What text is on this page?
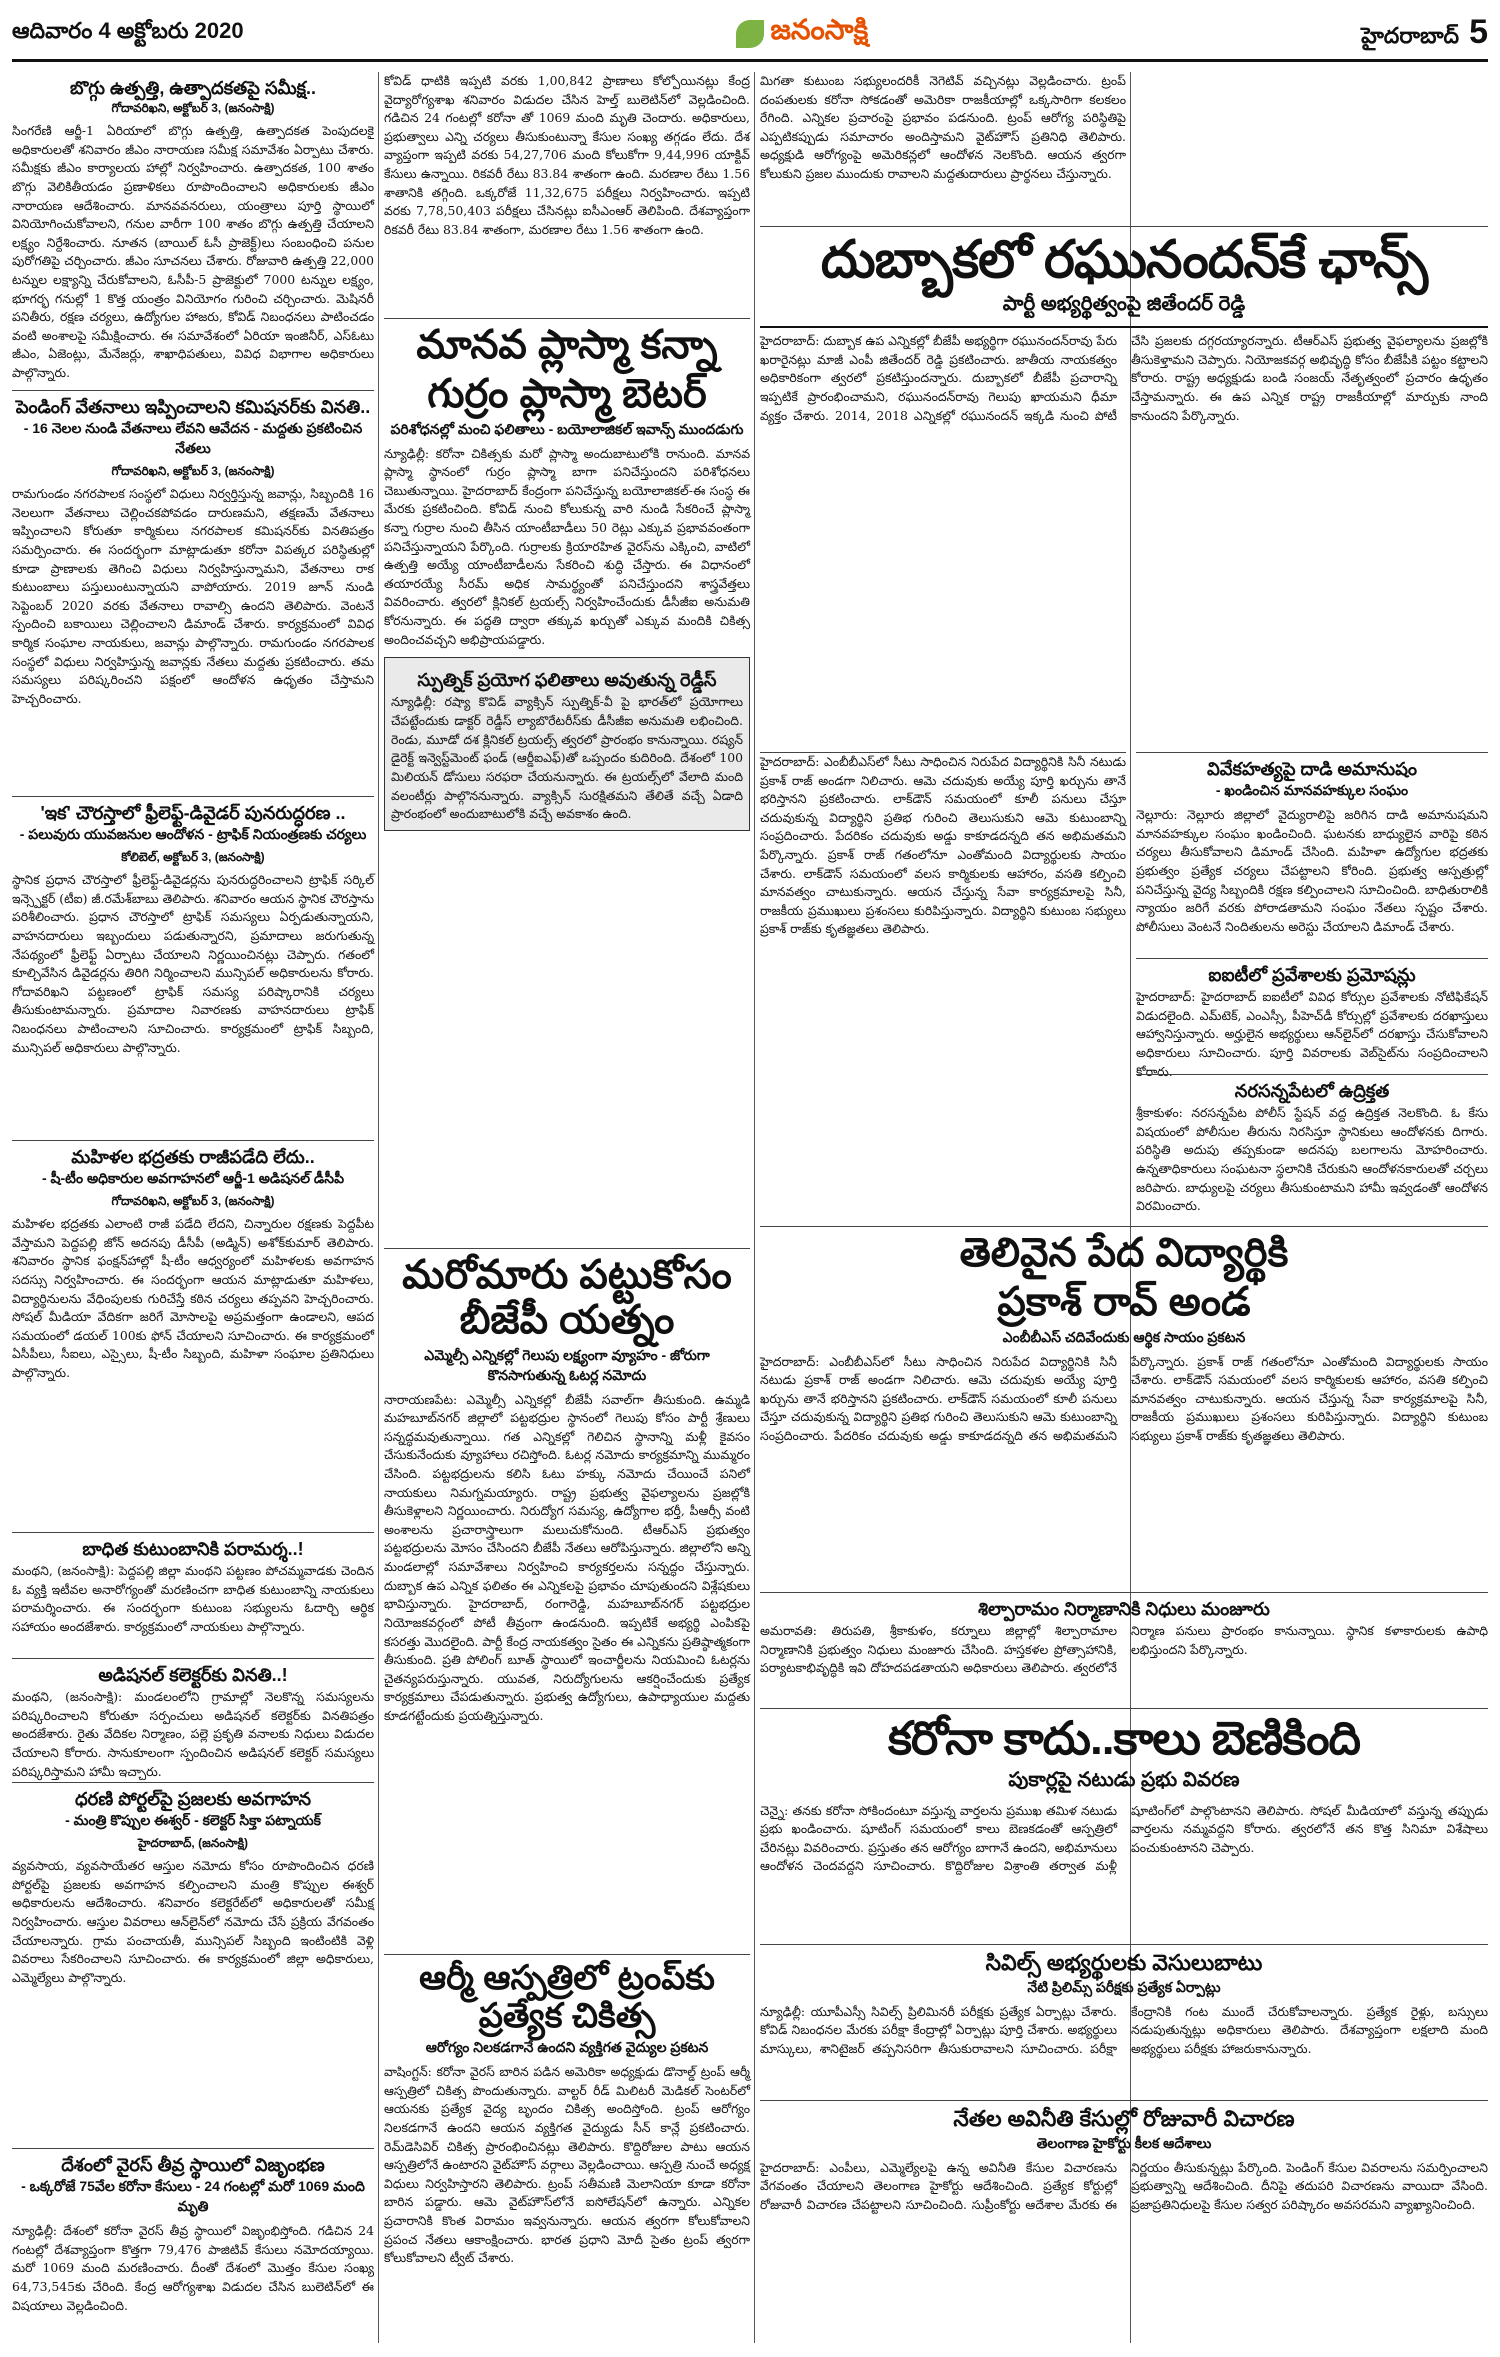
ఆదివారం 4 అక్టోబరు 2020	జనంసాక్షి	హైదరాబాద్ 5
బొగ్గు ఉత్పత్తి, ఉత్పాదకతపై సమీక్ష..
గోదావరిఖని, అక్టోబర్ 3, (జనంసాక్షి)
సింగరేణి ఆర్జీ-1 ఏరియాలో బొగ్గు ఉత్పత్తి, ఉత్పాదకత పెంపుదలకై అధికారులతో శనివారం జీఎం నారాయణ సమీక్ష సమావేశం ఏర్పాటు చేశారు. సమీక్షకు జీఎం కార్యాలయ హాల్లో నిర్వహించారు. ఉత్పాదకత, 100 శాతం బొగ్గు వెలికితీయడం ప్రణాళికలు రూపొందించాలని అధికారులకు జీఎం నారాయణ ఆదేశించారు. మానవవనరులు, యంత్రాలు పూర్తి స్థాయిలో వినియోగించుకోవాలని, గనుల వారీగా 100 శాతం బొగ్గు ఉత్పత్తి చేయాలని లక్ష్యం నిర్దేశించారు. నూతన (బాయిల్ ఓసీ ప్రాజెక్ట్)లు సంబంధించి పనుల పురోగతిపై చర్చించారు. జీఎం సూచనలు చేశారు. రోజువారి ఉత్పత్తి 22,000 టన్నుల లక్ష్యాన్ని చేరుకోవాలని, ఓసీపీ-5 ప్రాజెక్టులో 7000 టన్నుల లక్ష్యం, భూగర్భ గనుల్లో 1 కొత్త యంత్రం వినియోగం గురించి చర్చించారు. మెషినరీ పనితీరు, రక్షణ చర్యలు, ఉద్యోగుల హాజరు, కోవిడ్ నిబంధనలు పాటించడం వంటి అంశాలపై సమీక్షించారు. ఈ సమావేశంలో ఏరియా ఇంజినీర్, ఎస్ఓటు జీఎం, ఏజెంట్లు, మేనేజర్లు, శాఖాధిపతులు, వివిధ విభాగాల అధికారులు పాల్గొన్నారు.
పెండింగ్ వేతనాలు ఇప్పించాలని కమిషనర్‌కు వినతి..
- 16 నెలల నుండి వేతనాలు లేవని ఆవేదన - మద్దతు ప్రకటించిన నేతలు
గోదావరిఖని, అక్టోబర్ 3, (జనంసాక్షి)
రామగుండం నగరపాలక సంస్థలో విధులు నిర్వర్తిస్తున్న జవాన్లు, సిబ్బందికి 16 నెలలుగా వేతనాలు చెల్లించకపోవడం దారుణమని, తక్షణమే వేతనాలు ఇప్పించాలని కోరుతూ కార్మికులు నగరపాలక కమిషనర్‌కు వినతిపత్రం సమర్పించారు. ఈ సందర్భంగా మాట్లాడుతూ కరోనా విపత్కర పరిస్థితుల్లో కూడా ప్రాణాలకు తెగించి విధులు నిర్వహిస్తున్నామని, వేతనాలు రాక కుటుంబాలు పస్తులుంటున్నాయని వాపోయారు. 2019 జూన్ నుండి సెప్టెంబర్ 2020 వరకు వేతనాలు రావాల్సి ఉందని తెలిపారు. వెంటనే స్పందించి బకాయిలు చెల్లించాలని డిమాండ్ చేశారు. కార్యక్రమంలో వివిధ కార్మిక సంఘాల నాయకులు, జవాన్లు పాల్గొన్నారు. రామగుండం నగరపాలక సంస్థలో విధులు నిర్వహిస్తున్న జవాన్లకు నేతలు మద్దతు ప్రకటించారు. తమ సమస్యలు పరిష్కరించని పక్షంలో ఆందోళన ఉధృతం చేస్తామని హెచ్చరించారు.
'ఇక' చౌరస్తాలో ఫ్రీలెఫ్ట్-డివైడర్ పునరుద్ధరణ ..
- పలువురు యువజనుల ఆందోళన - ట్రాఫిక్ నియంత్రణకు చర్యలు
కోలిబెల్, అక్టోబర్ 3, (జనంసాక్షి)
స్థానిక ప్రధాన చౌరస్తాలో ఫ్రీలెఫ్ట్-డివైడర్లను పునరుద్ధరించాలని ట్రాఫిక్ సర్కిల్ ఇన్స్పెక్టర్ (టీఐ) జీ.రమేశ్‌బాబు తెలిపారు. శనివారం ఆయన స్థానిక చౌరస్తాను పరిశీలించారు. ప్రధాన చౌరస్తాలో ట్రాఫిక్ సమస్యలు ఏర్పడుతున్నాయని, వాహనదారులు ఇబ్బందులు పడుతున్నారని, ప్రమాదాలు జరుగుతున్న నేపథ్యంలో ఫ్రీలెఫ్ట్ ఏర్పాటు చేయాలని నిర్ణయించినట్లు చెప్పారు. గతంలో కూల్చివేసిన డివైడర్లను తిరిగి నిర్మించాలని మున్సిపల్ అధికారులను కోరారు. గోదావరిఖని పట్టణంలో ట్రాఫిక్ సమస్య పరిష్కారానికి చర్యలు తీసుకుంటామన్నారు. ప్రమాదాల నివారణకు వాహనదారులు ట్రాఫిక్ నిబంధనలు పాటించాలని సూచించారు. కార్యక్రమంలో ట్రాఫిక్ సిబ్బంది, మున్సిపల్ అధికారులు పాల్గొన్నారు.
మహిళల భద్రతకు రాజీపడేది లేదు..
- షీ-టీం అధికారుల అవగాహనలో ఆర్జీ-1 అడిషనల్ డీసీపీ
గోదావరిఖని, అక్టోబర్ 3, (జనంసాక్షి)
మహిళల భద్రతకు ఎలాంటి రాజీ పడేది లేదని, చిన్నారుల రక్షణకు పెద్దపీట వేస్తామని పెద్దపల్లి జోన్ అదనపు డీసీపీ (అడ్మిన్) అశోక్‌కుమార్ తెలిపారు. శనివారం స్థానిక ఫంక్షన్‌హాల్లో షీ-టీం ఆధ్వర్యంలో మహిళలకు అవగాహన సదస్సు నిర్వహించారు. ఈ సందర్భంగా ఆయన మాట్లాడుతూ మహిళలు, విద్యార్థినులను వేధింపులకు గురిచేస్తే కఠిన చర్యలు తప్పవని హెచ్చరించారు. సోషల్ మీడియా వేదికగా జరిగే మోసాలపై అప్రమత్తంగా ఉండాలని, ఆపద సమయంలో డయల్ 100కు ఫోన్ చేయాలని సూచించారు. ఈ కార్యక్రమంలో ఏసీపీలు, సీఐలు, ఎస్సైలు, షీ-టీం సిబ్బంది, మహిళా సంఘాల ప్రతినిధులు పాల్గొన్నారు.
బాధిత కుటుంబానికి పరామర్శ..!
మంథని, (జనంసాక్షి): పెద్దపల్లి జిల్లా మంథని పట్టణం పోచమ్మవాడకు చెందిన ఓ వ్యక్తి ఇటీవల అనారోగ్యంతో మరణించగా బాధిత కుటుంబాన్ని నాయకులు పరామర్శించారు. ఈ సందర్భంగా కుటుంబ సభ్యులను ఓదార్చి ఆర్థిక సహాయం అందజేశారు. కార్యక్రమంలో నాయకులు పాల్గొన్నారు.
అడిషనల్ కలెక్టర్‌కు వినతి..!
మంథని, (జనంసాక్షి): మండలంలోని గ్రామాల్లో నెలకొన్న సమస్యలను పరిష్కరించాలని కోరుతూ సర్పంచులు అడిషనల్ కలెక్టర్‌కు వినతిపత్రం అందజేశారు. రైతు వేదికల నిర్మాణం, పల్లె ప్రకృతి వనాలకు నిధులు విడుదల చేయాలని కోరారు. సానుకూలంగా స్పందించిన అడిషనల్ కలెక్టర్ సమస్యలు పరిష్కరిస్తామని హామీ ఇచ్చారు.
ధరణి పోర్టల్‌పై ప్రజలకు అవగాహన
- మంత్రి కొప్పుల ఈశ్వర్ - కలెక్టర్ సిక్తా పట్నాయక్
హైదరాబాద్, (జనంసాక్షి)
వ్యవసాయ, వ్యవసాయేతర ఆస్తుల నమోదు కోసం రూపొందించిన ధరణి పోర్టల్‌పై ప్రజలకు అవగాహన కల్పించాలని మంత్రి కొప్పుల ఈశ్వర్ అధికారులను ఆదేశించారు. శనివారం కలెక్టరేట్‌లో అధికారులతో సమీక్ష నిర్వహించారు. ఆస్తుల వివరాలు ఆన్‌లైన్‌లో నమోదు చేసే ప్రక్రియ వేగవంతం చేయాలన్నారు. గ్రామ పంచాయతీ, మున్సిపల్ సిబ్బంది ఇంటింటికి వెళ్లి వివరాలు సేకరించాలని సూచించారు. ఈ కార్యక్రమంలో జిల్లా అధికారులు, ఎమ్మెల్యేలు పాల్గొన్నారు.
దేశంలో వైరస్ తీవ్ర స్థాయిలో విజృంభణ
- ఒక్కరోజే 75వేల కరోనా కేసులు - 24 గంటల్లో మరో 1069 మంది మృతి
న్యూఢిల్లీ: దేశంలో కరోనా వైరస్ తీవ్ర స్థాయిలో విజృంభిస్తోంది. గడిచిన 24 గంటల్లో దేశవ్యాప్తంగా కొత్తగా 79,476 పాజిటివ్ కేసులు నమోదయ్యాయి. మరో 1069 మంది మరణించారు. దీంతో దేశంలో మొత్తం కేసుల సంఖ్య 64,73,545కు చేరింది. కేంద్ర ఆరోగ్యశాఖ విడుదల చేసిన బులెటిన్‌లో ఈ విషయాలు వెల్లడించింది.
కోవిడ్ ధాటికి ఇప్పటి వరకు 1,00,842 ప్రాణాలు కోల్పోయినట్లు కేంద్ర వైద్యారోగ్యశాఖ శనివారం విడుదల చేసిన హెల్త్ బులెటిన్‌లో వెల్లడించింది. గడిచిన 24 గంటల్లో కరోనా తో 1069 మంది మృతి చెందారు. అధికారులు, ప్రభుత్వాలు ఎన్ని చర్యలు తీసుకుంటున్నా కేసుల సంఖ్య తగ్గడం లేదు. దేశ వ్యాప్తంగా ఇప్పటి వరకు 54,27,706 మంది కోలుకోగా 9,44,996 యాక్టివ్ కేసులు ఉన్నాయి. రికవరీ రేటు 83.84 శాతంగా ఉంది. మరణాల రేటు 1.56 శాతానికి తగ్గింది. ఒక్కరోజే 11,32,675 పరీక్షలు నిర్వహించారు. ఇప్పటి వరకు 7,78,50,403 పరీక్షలు చేసినట్లు ఐసీఎంఆర్ తెలిపింది. దేశవ్యాప్తంగా రికవరీ రేటు 83.84 శాతంగా, మరణాల రేటు 1.56 శాతంగా ఉంది.
మానవ ప్లాస్మా కన్నా
గుర్రం ప్లాస్మా బెటర్
పరిశోధనల్లో మంచి ఫలితాలు - బయోలాజికల్ ఇవాన్స్ ముందడుగు
న్యూఢిల్లీ: కరోనా చికిత్సకు మరో ప్లాస్మా అందుబాటులోకి రానుంది. మానవ ప్లాస్మా స్థానంలో గుర్రం ప్లాస్మా బాగా పనిచేస్తుందని పరిశోధనలు చెబుతున్నాయి. హైదరాబాద్ కేంద్రంగా పనిచేస్తున్న బయోలాజికల్-ఈ సంస్థ ఈ మేరకు ప్రకటించింది. కోవిడ్ నుంచి కోలుకున్న వారి నుండి సేకరించే ప్లాస్మా కన్నా గుర్రాల నుంచి తీసిన యాంటీబాడీలు 50 రెట్లు ఎక్కువ ప్రభావవంతంగా పనిచేస్తున్నాయని పేర్కొంది. గుర్రాలకు క్రియారహిత వైరస్‌ను ఎక్కించి, వాటిలో ఉత్పత్తి అయ్యే యాంటీబాడీలను సేకరించి శుద్ధి చేస్తారు. ఈ విధానంలో తయారయ్యే సీరమ్ అధిక సామర్థ్యంతో పనిచేస్తుందని శాస్త్రవేత్తలు వివరించారు. త్వరలో క్లినికల్ ట్రయల్స్ నిర్వహించేందుకు డీసీజీఐ అనుమతి కోరనున్నారు. ఈ పద్ధతి ద్వారా తక్కువ ఖర్చుతో ఎక్కువ మందికి చికిత్స అందించవచ్చని అభిప్రాయపడ్డారు.
స్పుత్నిక్ ప్రయోగ ఫలితాలు అవుతున్న రెడ్డీస్
న్యూఢిల్లీ: రష్యా కొవిడ్ వ్యాక్సిన్ స్పుత్నిక్-వీ పై భారత్‌లో ప్రయోగాలు చేపట్టేందుకు డాక్టర్ రెడ్డీస్ ల్యాబొరేటరీస్‌కు డీసీజీఐ అనుమతి లభించింది. రెండు, మూడో దశ క్లినికల్ ట్రయల్స్ త్వరలో ప్రారంభం కానున్నాయి. రష్యన్ డైరెక్ట్ ఇన్వెస్ట్‌మెంట్ ఫండ్ (ఆర్డీఐఎఫ్)తో ఒప్పందం కుదిరింది. దేశంలో 100 మిలియన్ డోసులు సరఫరా చేయనున్నారు. ఈ ట్రయల్స్‌లో వేలాది మంది వలంటీర్లు పాల్గొననున్నారు. వ్యాక్సిన్ సురక్షితమని తేలితే వచ్చే ఏడాది ప్రారంభంలో అందుబాటులోకి వచ్చే అవకాశం ఉంది.
మరోమారు పట్టుకోసం బీజేపీ యత్నం
ఎమ్మెల్సీ ఎన్నికల్లో గెలుపు లక్ష్యంగా వ్యూహం - జోరుగా కొనసాగుతున్న ఓటర్ల నమోదు
నారాయణపేట: ఎమ్మెల్సీ ఎన్నికల్లో బీజేపీ సవాల్‌గా తీసుకుంది. ఉమ్మడి మహబూబ్‌నగర్ జిల్లాలో పట్టభద్రుల స్థానంలో గెలుపు కోసం పార్టీ శ్రేణులు సన్నద్ధమవుతున్నాయి. గత ఎన్నికల్లో గెలిచిన స్థానాన్ని మళ్లీ కైవసం చేసుకునేందుకు వ్యూహాలు రచిస్తోంది. ఓటర్ల నమోదు కార్యక్రమాన్ని ముమ్మరం చేసింది. పట్టభద్రులను కలిసి ఓటు హక్కు నమోదు చేయించే పనిలో నాయకులు నిమగ్నమయ్యారు. రాష్ట్ర ప్రభుత్వ వైఫల్యాలను ప్రజల్లోకి తీసుకెళ్లాలని నిర్ణయించారు. నిరుద్యోగ సమస్య, ఉద్యోగాల భర్తీ, పీఆర్సీ వంటి అంశాలను ప్రచారాస్త్రాలుగా మలుచుకోనుంది. టీఆర్ఎస్ ప్రభుత్వం పట్టభద్రులను మోసం చేసిందని బీజేపీ నేతలు ఆరోపిస్తున్నారు. జిల్లాలోని అన్ని మండలాల్లో సమావేశాలు నిర్వహించి కార్యకర్తలను సన్నద్ధం చేస్తున్నారు. దుబ్బాక ఉప ఎన్నిక ఫలితం ఈ ఎన్నికలపై ప్రభావం చూపుతుందని విశ్లేషకులు భావిస్తున్నారు. హైదరాబాద్, రంగారెడ్డి, మహబూబ్‌నగర్ పట్టభద్రుల నియోజకవర్గంలో పోటీ తీవ్రంగా ఉండనుంది. ఇప్పటికే అభ్యర్థి ఎంపికపై కసరత్తు మొదలైంది. పార్టీ కేంద్ర నాయకత్వం సైతం ఈ ఎన్నికను ప్రతిష్ఠాత్మకంగా తీసుకుంది. ప్రతి పోలింగ్ బూత్ స్థాయిలో ఇంచార్జీలను నియమించి ఓటర్లను చైతన్యపరుస్తున్నారు. యువత, నిరుద్యోగులను ఆకర్షించేందుకు ప్రత్యేక కార్యక్రమాలు చేపడుతున్నారు. ప్రభుత్వ ఉద్యోగులు, ఉపాధ్యాయుల మద్దతు కూడగట్టేందుకు ప్రయత్నిస్తున్నారు.
ఆర్మీ ఆస్పత్రిలో ట్రంప్‌కు ప్రత్యేక చికిత్స
ఆరోగ్యం నిలకడగానే ఉందని వ్యక్తిగత వైద్యుల ప్రకటన
వాషింగ్టన్: కరోనా వైరస్ బారిన పడిన అమెరికా అధ్యక్షుడు డొనాల్డ్ ట్రంప్ ఆర్మీ ఆస్పత్రిలో చికిత్స పొందుతున్నారు. వాల్టర్ రీడ్ మిలిటరీ మెడికల్ సెంటర్‌లో ఆయనకు ప్రత్యేక వైద్య బృందం చికిత్స అందిస్తోంది. ట్రంప్ ఆరోగ్యం నిలకడగానే ఉందని ఆయన వ్యక్తిగత వైద్యుడు సీన్ కాన్లే ప్రకటించారు. రెమ్‌డెసివిర్ చికిత్స ప్రారంభించినట్లు తెలిపారు. కొద్దిరోజుల పాటు ఆయన ఆస్పత్రిలోనే ఉంటారని వైట్‌హౌస్ వర్గాలు వెల్లడించాయి. ఆస్పత్రి నుంచే అధ్యక్ష విధులు నిర్వహిస్తారని తెలిపారు. ట్రంప్ సతీమణి మెలానియా కూడా కరోనా బారిన పడ్డారు. ఆమె వైట్‌హౌస్‌లోనే ఐసోలేషన్‌లో ఉన్నారు. ఎన్నికల ప్రచారానికి కొంత విరామం ఇవ్వనున్నారు. ఆయన త్వరగా కోలుకోవాలని ప్రపంచ నేతలు ఆకాంక్షించారు. భారత ప్రధాని మోదీ సైతం ట్రంప్ త్వరగా కోలుకోవాలని ట్వీట్ చేశారు.
మిగతా కుటుంబ సభ్యులందరికీ నెగెటివ్ వచ్చినట్లు వెల్లడించారు. ట్రంప్ దంపతులకు కరోనా సోకడంతో అమెరికా రాజకీయాల్లో ఒక్కసారిగా కలకలం రేగింది. ఎన్నికల ప్రచారంపై ప్రభావం పడనుంది. ట్రంప్ ఆరోగ్య పరిస్థితిపై ఎప్పటికప్పుడు సమాచారం అందిస్తామని వైట్‌హౌస్ ప్రతినిధి తెలిపారు. అధ్యక్షుడి ఆరోగ్యంపై అమెరికన్లలో ఆందోళన నెలకొంది. ఆయన త్వరగా కోలుకుని ప్రజల ముందుకు రావాలని మద్దతుదారులు ప్రార్థనలు చేస్తున్నారు.
దుబ్బాకలో రఘునందన్‌కే ఛాన్స్
పార్టీ అభ్యర్థిత్వంపై జితేందర్ రెడ్డి
హైదరాబాద్: దుబ్బాక ఉప ఎన్నికల్లో బీజేపీ అభ్యర్థిగా రఘునందన్‌రావు పేరు ఖరారైనట్లు మాజీ ఎంపీ జితేందర్ రెడ్డి ప్రకటించారు. జాతీయ నాయకత్వం అధికారికంగా త్వరలో ప్రకటిస్తుందన్నారు. దుబ్బాకలో బీజేపీ ప్రచారాన్ని ఇప్పటికే ప్రారంభించామని, రఘునందన్‌రావు గెలుపు ఖాయమని ధీమా వ్యక్తం చేశారు. 2014, 2018 ఎన్నికల్లో రఘునందన్ ఇక్కడి నుంచి పోటీ చేసి ప్రజలకు దగ్గరయ్యారన్నారు. టీఆర్ఎస్ ప్రభుత్వ వైఫల్యాలను ప్రజల్లోకి తీసుకెళ్తామని చెప్పారు. నియోజకవర్గ అభివృద్ధి కోసం బీజేపీకి పట్టం కట్టాలని కోరారు. రాష్ట్ర అధ్యక్షుడు బండి సంజయ్ నేతృత్వంలో ప్రచారం ఉధృతం చేస్తామన్నారు. ఈ ఉప ఎన్నిక రాష్ట్ర రాజకీయాల్లో మార్పుకు నాంది కానుందని పేర్కొన్నారు.
వివేకహత్యపై దాడి అమానుషం
- ఖండించిన మానవహక్కుల సంఘం
నెల్లూరు: నెల్లూరు జిల్లాలో వైద్యురాలిపై జరిగిన దాడి అమానుషమని మానవహక్కుల సంఘం ఖండించింది. ఘటనకు బాధ్యులైన వారిపై కఠిన చర్యలు తీసుకోవాలని డిమాండ్ చేసింది. మహిళా ఉద్యోగుల భద్రతకు ప్రభుత్వం ప్రత్యేక చర్యలు చేపట్టాలని కోరింది. ప్రభుత్వ ఆస్పత్రుల్లో పనిచేస్తున్న వైద్య సిబ్బందికి రక్షణ కల్పించాలని సూచించింది. బాధితురాలికి న్యాయం జరిగే వరకు పోరాడతామని సంఘం నేతలు స్పష్టం చేశారు. పోలీసులు వెంటనే నిందితులను అరెస్టు చేయాలని డిమాండ్ చేశారు.
ఐఐటీలో ప్రవేశాలకు ప్రమోషన్లు
హైదరాబాద్: హైదరాబాద్ ఐఐటీలో వివిధ కోర్సుల ప్రవేశాలకు నోటిఫికేషన్ విడుదలైంది. ఎమ్‌టెక్, ఎంఎస్సీ, పీహెచ్‌డీ కోర్సుల్లో ప్రవేశాలకు దరఖాస్తులు ఆహ్వానిస్తున్నారు. అర్హులైన అభ్యర్థులు ఆన్‌లైన్‌లో దరఖాస్తు చేసుకోవాలని అధికారులు సూచించారు. పూర్తి వివరాలకు వెబ్‌సైట్‌ను సంప్రదించాలని కోరారు.
నరసన్నపేటలో ఉద్రిక్తత
శ్రీకాకుళం: నరసన్నపేట పోలీస్ స్టేషన్ వద్ద ఉద్రిక్తత నెలకొంది. ఓ కేసు విషయంలో పోలీసుల తీరును నిరసిస్తూ స్థానికులు ఆందోళనకు దిగారు. పరిస్థితి అదుపు తప్పకుండా అదనపు బలగాలను మోహరించారు. ఉన్నతాధికారులు సంఘటనా స్థలానికి చేరుకుని ఆందోళనకారులతో చర్చలు జరిపారు. బాధ్యులపై చర్యలు తీసుకుంటామని హామీ ఇవ్వడంతో ఆందోళన విరమించారు.
హైదరాబాద్: ఎంబీబీఎస్‌లో సీటు సాధించిన నిరుపేద విద్యార్థినికి సినీ నటుడు ప్రకాశ్ రాజ్ అండగా నిలిచారు. ఆమె చదువుకు అయ్యే పూర్తి ఖర్చును తానే భరిస్తానని ప్రకటించారు. లాక్‌డౌన్ సమయంలో కూలీ పనులు చేస్తూ చదువుకున్న విద్యార్థిని ప్రతిభ గురించి తెలుసుకుని ఆమె కుటుంబాన్ని సంప్రదించారు. పేదరికం చదువుకు అడ్డు కాకూడదన్నది తన అభిమతమని పేర్కొన్నారు. ప్రకాశ్ రాజ్ గతంలోనూ ఎంతోమంది విద్యార్థులకు సాయం చేశారు. లాక్‌డౌన్ సమయంలో వలస కార్మికులకు ఆహారం, వసతి కల్పించి మానవత్వం చాటుకున్నారు. ఆయన చేస్తున్న సేవా కార్యక్రమాలపై సినీ, రాజకీయ ప్రముఖులు ప్రశంసలు కురిపిస్తున్నారు. విద్యార్థిని కుటుంబ సభ్యులు ప్రకాశ్ రాజ్‌కు కృతజ్ఞతలు తెలిపారు.
తెలివైన పేద విద్యార్థికి
ప్రకాశ్ రావ్ అండ
ఎంబీబీఎస్ చదివేందుకు ఆర్థిక సాయం ప్రకటన
హైదరాబాద్: ఎంబీబీఎస్‌లో సీటు సాధించిన నిరుపేద విద్యార్థినికి సినీ నటుడు ప్రకాశ్ రాజ్ అండగా నిలిచారు. ఆమె చదువుకు అయ్యే పూర్తి ఖర్చును తానే భరిస్తానని ప్రకటించారు. లాక్‌డౌన్ సమయంలో కూలీ పనులు చేస్తూ చదువుకున్న విద్యార్థిని ప్రతిభ గురించి తెలుసుకుని ఆమె కుటుంబాన్ని సంప్రదించారు. పేదరికం చదువుకు అడ్డు కాకూడదన్నది తన అభిమతమని పేర్కొన్నారు. ప్రకాశ్ రాజ్ గతంలోనూ ఎంతోమంది విద్యార్థులకు సాయం చేశారు. లాక్‌డౌన్ సమయంలో వలస కార్మికులకు ఆహారం, వసతి కల్పించి మానవత్వం చాటుకున్నారు. ఆయన చేస్తున్న సేవా కార్యక్రమాలపై సినీ, రాజకీయ ప్రముఖులు ప్రశంసలు కురిపిస్తున్నారు. విద్యార్థిని కుటుంబ సభ్యులు ప్రకాశ్ రాజ్‌కు కృతజ్ఞతలు తెలిపారు.
శిల్పారామం నిర్మాణానికి నిధులు మంజూరు
అమరావతి: తిరుపతి, శ్రీకాకుళం, కర్నూలు జిల్లాల్లో శిల్పారామాల నిర్మాణానికి ప్రభుత్వం నిధులు మంజూరు చేసింది. హస్తకళల ప్రోత్సాహానికి, పర్యాటకాభివృద్ధికి ఇవి దోహదపడతాయని అధికారులు తెలిపారు. త్వరలోనే నిర్మాణ పనులు ప్రారంభం కానున్నాయి. స్థానిక కళాకారులకు ఉపాధి లభిస్తుందని పేర్కొన్నారు.
కరోనా కాదు..కాలు బెణికింది
పుకార్లపై నటుడు ప్రభు వివరణ
చెన్నై: తనకు కరోనా సోకిందంటూ వస్తున్న వార్తలను ప్రముఖ తమిళ నటుడు ప్రభు ఖండించారు. షూటింగ్ సమయంలో కాలు బెణకడంతో ఆస్పత్రిలో చేరినట్లు వివరించారు. ప్రస్తుతం తన ఆరోగ్యం బాగానే ఉందని, అభిమానులు ఆందోళన చెందవద్దని సూచించారు. కొద్దిరోజుల విశ్రాంతి తర్వాత మళ్లీ షూటింగ్‌లో పాల్గొంటానని తెలిపారు. సోషల్ మీడియాలో వస్తున్న తప్పుడు వార్తలను నమ్మవద్దని కోరారు. త్వరలోనే తన కొత్త సినిమా విశేషాలు పంచుకుంటానని చెప్పారు.
సివిల్స్ అభ్యర్థులకు వెసులుబాటు
నేటి ప్రిలిమ్స్ పరీక్షకు ప్రత్యేక ఏర్పాట్లు
న్యూఢిల్లీ: యూపీఎస్సీ సివిల్స్ ప్రిలిమినరీ పరీక్షకు ప్రత్యేక ఏర్పాట్లు చేశారు. కోవిడ్ నిబంధనల మేరకు పరీక్షా కేంద్రాల్లో ఏర్పాట్లు పూర్తి చేశారు. అభ్యర్థులు మాస్కులు, శానిటైజర్ తప్పనిసరిగా తీసుకురావాలని సూచించారు. పరీక్షా కేంద్రానికి గంట ముందే చేరుకోవాలన్నారు. ప్రత్యేక రైళ్లు, బస్సులు నడుపుతున్నట్లు అధికారులు తెలిపారు. దేశవ్యాప్తంగా లక్షలాది మంది అభ్యర్థులు పరీక్షకు హాజరుకానున్నారు.
నేతల అవినీతి కేసుల్లో రోజువారీ విచారణ
తెలంగాణ హైకోర్టు కీలక ఆదేశాలు
హైదరాబాద్: ఎంపీలు, ఎమ్మెల్యేలపై ఉన్న అవినీతి కేసుల విచారణను వేగవంతం చేయాలని తెలంగాణ హైకోర్టు ఆదేశించింది. ప్రత్యేక కోర్టుల్లో రోజువారీ విచారణ చేపట్టాలని సూచించింది. సుప్రీంకోర్టు ఆదేశాల మేరకు ఈ నిర్ణయం తీసుకున్నట్లు పేర్కొంది. పెండింగ్ కేసుల వివరాలను సమర్పించాలని ప్రభుత్వాన్ని ఆదేశించింది. దీనిపై తదుపరి విచారణను వాయిదా వేసింది. ప్రజాప్రతినిధులపై కేసుల సత్వర పరిష్కారం అవసరమని వ్యాఖ్యానించింది.
